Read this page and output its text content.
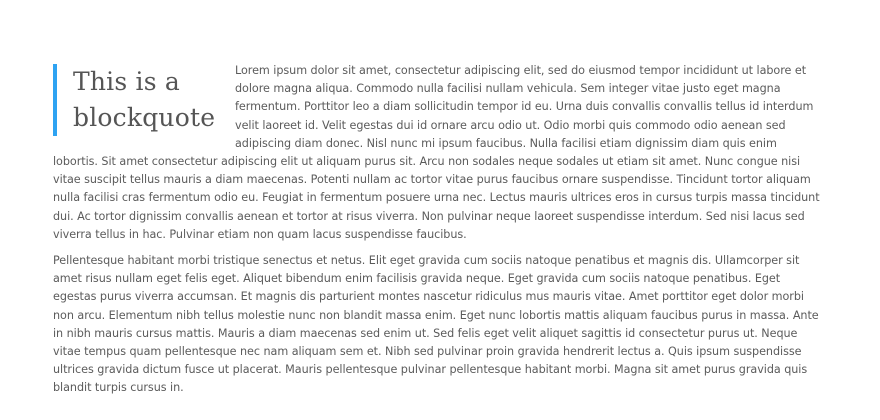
This is a
blockquote

Lorem ipsum dolor sit amet, consectetur adipiscing elit, sed do eiusmod tempor incididunt ut labore et dolore magna aliqua. Commodo nulla facilisi nullam vehicula. Sem integer vitae justo eget magna fermentum. Porttitor leo a diam sollicitudin tempor id eu. Urna duis convallis convallis tellus id interdum velit laoreet id. Velit egestas dui id ornare arcu odio ut. Odio morbi quis commodo odio aenean sed adipiscing diam donec. Nisl nunc mi ipsum faucibus. Nulla facilisi etiam dignissim diam quis enim lobortis. Sit amet consectetur adipiscing elit ut aliquam purus sit. Arcu non sodales neque sodales ut etiam sit amet. Nunc congue nisi vitae suscipit tellus mauris a diam maecenas. Potenti nullam ac tortor vitae purus faucibus ornare suspendisse. Tincidunt tortor aliquam nulla facilisi cras fermentum odio eu. Feugiat in fermentum posuere urna nec. Lectus mauris ultrices eros in cursus turpis massa tincidunt dui. Ac tortor dignissim convallis aenean et tortor at risus viverra. Non pulvinar neque laoreet suspendisse interdum. Sed nisi lacus sed viverra tellus in hac. Pulvinar etiam non quam lacus suspendisse faucibus.

Pellentesque habitant morbi tristique senectus et netus. Elit eget gravida cum sociis natoque penatibus et magnis dis. Ullamcorper sit amet risus nullam eget felis eget. Aliquet bibendum enim facilisis gravida neque. Eget gravida cum sociis natoque penatibus. Eget egestas purus viverra accumsan. Et magnis dis parturient montes nascetur ridiculus mus mauris vitae. Amet porttitor eget dolor morbi non arcu. Elementum nibh tellus molestie nunc non blandit massa enim. Eget nunc lobortis mattis aliquam faucibus purus in massa. Ante in nibh mauris cursus mattis. Mauris a diam maecenas sed enim ut. Sed felis eget velit aliquet sagittis id consectetur purus ut. Neque vitae tempus quam pellentesque nec nam aliquam sem et. Nibh sed pulvinar proin gravida hendrerit lectus a. Quis ipsum suspendisse ultrices gravida dictum fusce ut placerat. Mauris pellentesque pulvinar pellentesque habitant morbi. Magna sit amet purus gravida quis blandit turpis cursus in.
